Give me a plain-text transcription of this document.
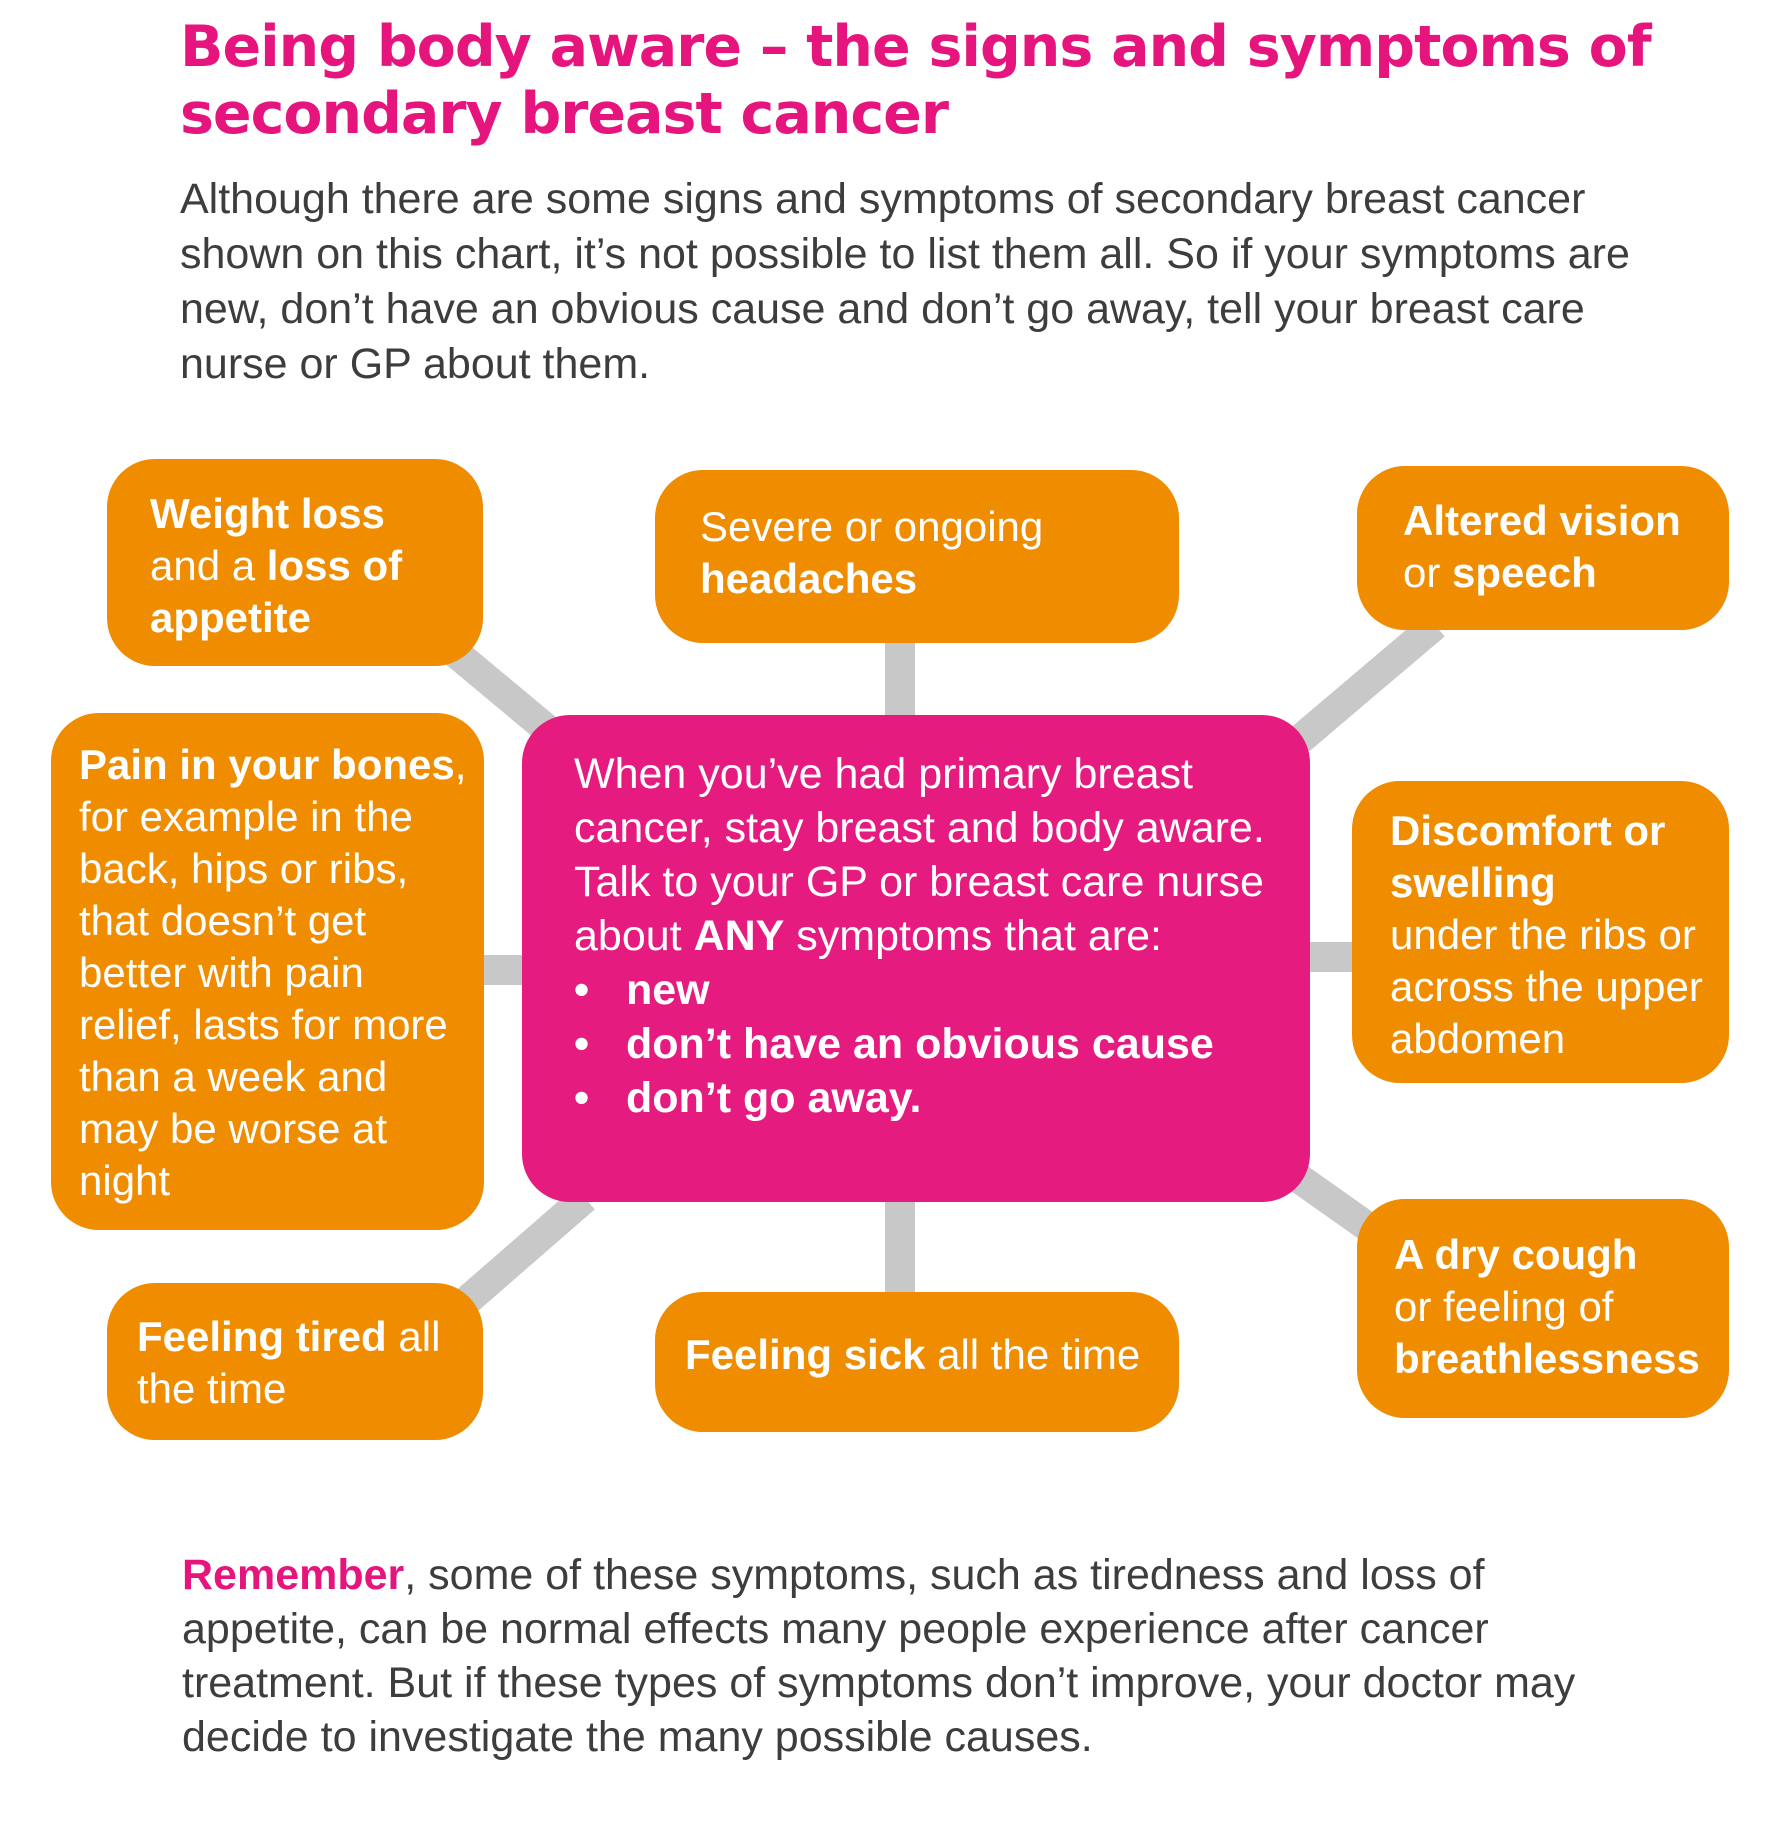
Being body aware – the signs and symptoms of secondary breast cancer

Although there are some signs and symptoms of secondary breast cancer shown on this chart, it’s not possible to list them all. So if your symptoms are new, don’t have an obvious cause and don’t go away, tell your breast care nurse or GP about them.

Weight loss
and a loss of appetite
Severe or ongoing
headaches
Altered vision
or speech
Pain in your bones, for example in the back, hips or ribs, that doesn’t get better with pain relief, lasts for more than a week and may be worse at night
Discomfort or swelling
under the ribs or across the upper abdomen
Feeling tired all the time
Feeling sick all the time
A dry cough
or feeling of
breathlessness
When you’ve had primary breast cancer, stay breast and body aware. Talk to your GP or breast care nurse about ANY symptoms that are:
• new
• don’t have an obvious cause
• don’t go away.

Remember, some of these symptoms, such as tiredness and loss of appetite, can be normal effects many people experience after cancer treatment. But if these types of symptoms don’t improve, your doctor may decide to investigate the many possible causes.
